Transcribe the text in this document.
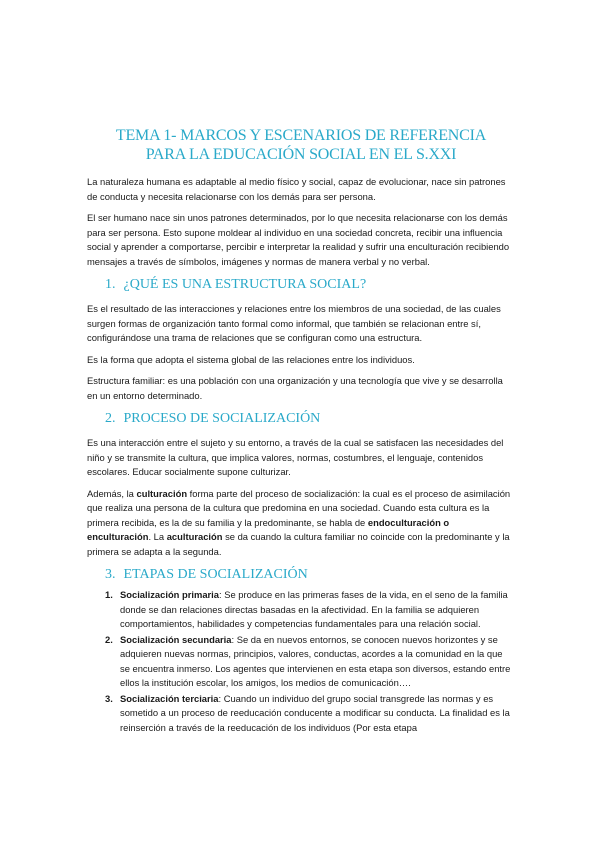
TEMA 1- MARCOS Y ESCENARIOS DE REFERENCIA
PARA LA EDUCACIÓN SOCIAL EN EL S.XXI

La naturaleza humana es adaptable al medio físico y social, capaz de evolucionar, nace sin patrones de conducta y necesita relacionarse con los demás para ser persona.

El ser humano nace sin unos patrones determinados, por lo que necesita relacionarse con los demás para ser persona. Esto supone moldear al individuo en una sociedad concreta, recibir una influencia social y aprender a comportarse, percibir e interpretar la realidad y sufrir una enculturación recibiendo mensajes a través de símbolos, imágenes y normas de manera verbal y no verbal.

1. ¿QUÉ ES UNA ESTRUCTURA SOCIAL?

Es el resultado de las interacciones y relaciones entre los miembros de una sociedad, de las cuales surgen formas de organización tanto formal como informal, que también se relacionan entre sí, configurándose una trama de relaciones que se configuran como una estructura.

Es la forma que adopta el sistema global de las relaciones entre los individuos.

Estructura familiar: es una población con una organización y una tecnología que vive y se desarrolla en un entorno determinado.

2. PROCESO DE SOCIALIZACIÓN

Es una interacción entre el sujeto y su entorno, a través de la cual se satisfacen las necesidades del niño y se transmite la cultura, que implica valores, normas, costumbres, el lenguaje, contenidos escolares. Educar socialmente supone culturizar.

Además, la culturación forma parte del proceso de socialización: la cual es el proceso de asimilación que realiza una persona de la cultura que predomina en una sociedad. Cuando esta cultura es la primera recibida, es la de su familia y la predominante, se habla de endoculturación o enculturación. La aculturación se da cuando la cultura familiar no coincide con la predominante y la primera se adapta a la segunda.

3. ETAPAS DE SOCIALIZACIÓN
1. Socialización primaria: Se produce en las primeras fases de la vida, en el seno de la familia donde se dan relaciones directas basadas en la afectividad. En la familia se adquieren comportamientos, habilidades y competencias fundamentales para una relación social.
2. Socialización secundaria: Se da en nuevos entornos, se conocen nuevos horizontes y se adquieren nuevas normas, principios, valores, conductas, acordes a la comunidad en la que se encuentra inmerso. Los agentes que intervienen en esta etapa son diversos, estando entre ellos la institución escolar, los amigos, los medios de comunicación….
3. Socialización terciaria: Cuando un individuo del grupo social transgrede las normas y es sometido a un proceso de reeducación conducente a modificar su conducta. La finalidad es la reinserción a través de la reeducación de los individuos (Por esta etapa
